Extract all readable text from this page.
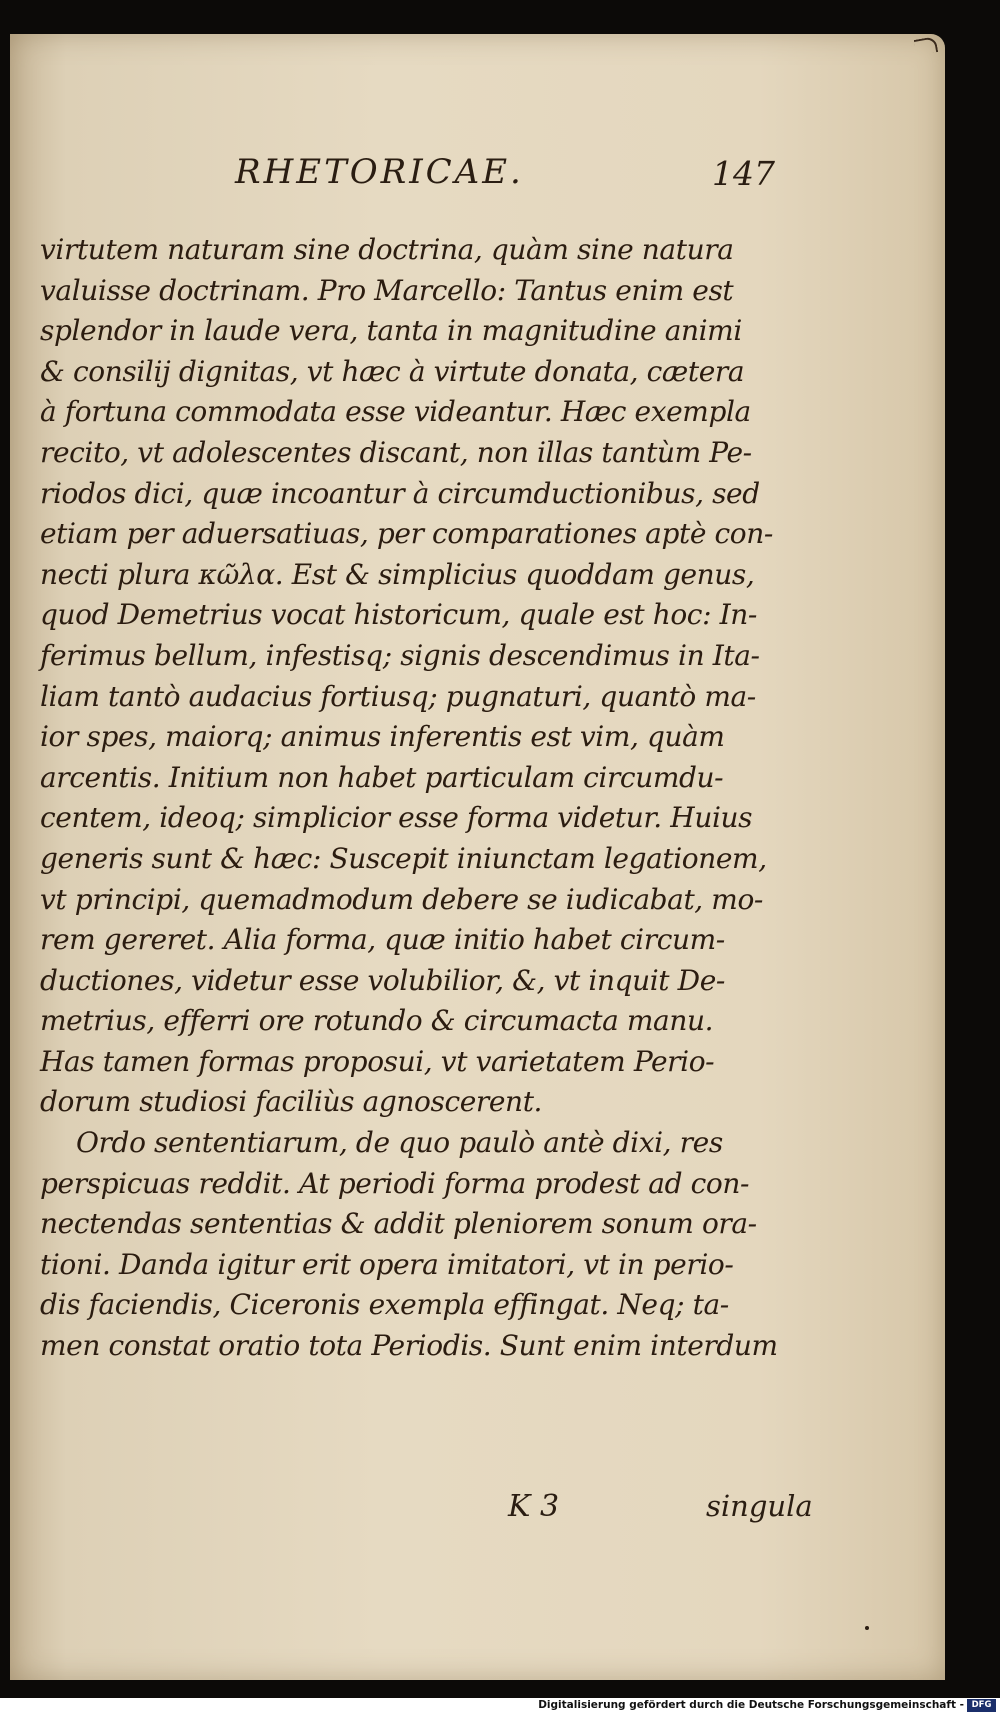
RHETORICAE.	147
virtutem naturam sine doctrina, quàm sine natura
valuisse doctrinam. Pro Marcello: Tantus enim est
splendor in laude vera, tanta in magnitudine animi
& consilij dignitas, vt hæc à virtute donata, cætera
à fortuna commodata esse videantur. Hæc exempla
recito, vt adolescentes discant, non illas tantùm Pe-
riodos dici, quæ incoantur à circumductionibus, sed
etiam per aduersatiuas, per comparationes aptè con-
necti plura κῶλα. Est & simplicius quoddam genus,
quod Demetrius vocat historicum, quale est hoc: In-
ferimus bellum, infestisq; signis descendimus in Ita-
liam tantò audacius fortiusq; pugnaturi, quantò ma-
ior spes, maiorq; animus inferentis est vim, quàm
arcentis. Initium non habet particulam circumdu-
centem, ideoq; simplicior esse forma videtur. Huius
generis sunt & hæc: Suscepit iniunctam legationem,
vt principi, quemadmodum debere se iudicabat, mo-
rem gereret. Alia forma, quæ initio habet circum-
ductiones, videtur esse volubilior, &, vt inquit De-
metrius, efferri ore rotundo & circumacta manu.
Has tamen formas proposui, vt varietatem Perio-
dorum studiosi faciliùs agnoscerent.
Ordo sententiarum, de quo paulò antè dixi, res
perspicuas reddit. At periodi forma prodest ad con-
nectendas sententias & addit pleniorem sonum ora-
tioni. Danda igitur erit opera imitatori, vt in perio-
dis faciendis, Ciceronis exempla effingat. Neq; ta-
men constat oratio tota Periodis. Sunt enim interdum
K 3	singula
Digitalisierung gefördert durch die Deutsche Forschungsgemeinschaft - DFG
